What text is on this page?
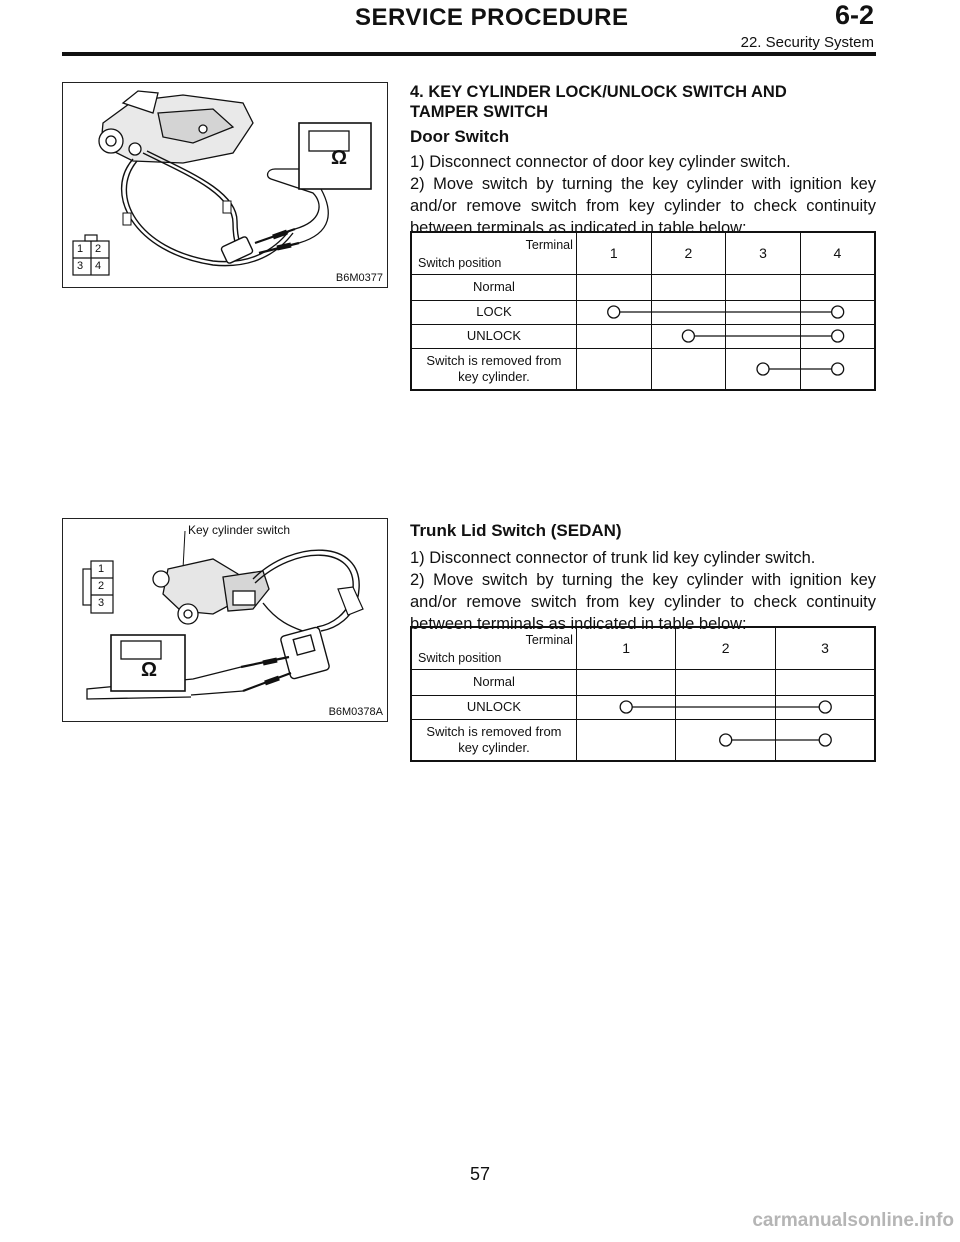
SERVICE PROCEDURE	6-2
22. Security System
Ω
1 2
3 4
B6M0377

4. KEY CYLINDER LOCK/UNLOCK SWITCH AND

TAMPER SWITCH

Door Switch

1) Disconnect connector of door key cylinder switch.

2) Move switch by turning the key cylinder with ignition key and/or remove switch from key cylinder to check continuity between terminals as indicated in table below:

Terminal
Switch position	1	2	3	4
Normal				
LOCK				
UNLOCK				
Switch is removed from
key cylinder.				
Key cylinder switch
Ω
1
2
3
B6M0378A

Trunk Lid Switch (SEDAN)

1) Disconnect connector of trunk lid key cylinder switch.

2) Move switch by turning the key cylinder with ignition key and/or remove switch from key cylinder to check continuity between terminals as indicated in table below:

Terminal
Switch position	1	2	3
Normal			
UNLOCK			
Switch is removed from
key cylinder.			
57
carmanualsonline.info
